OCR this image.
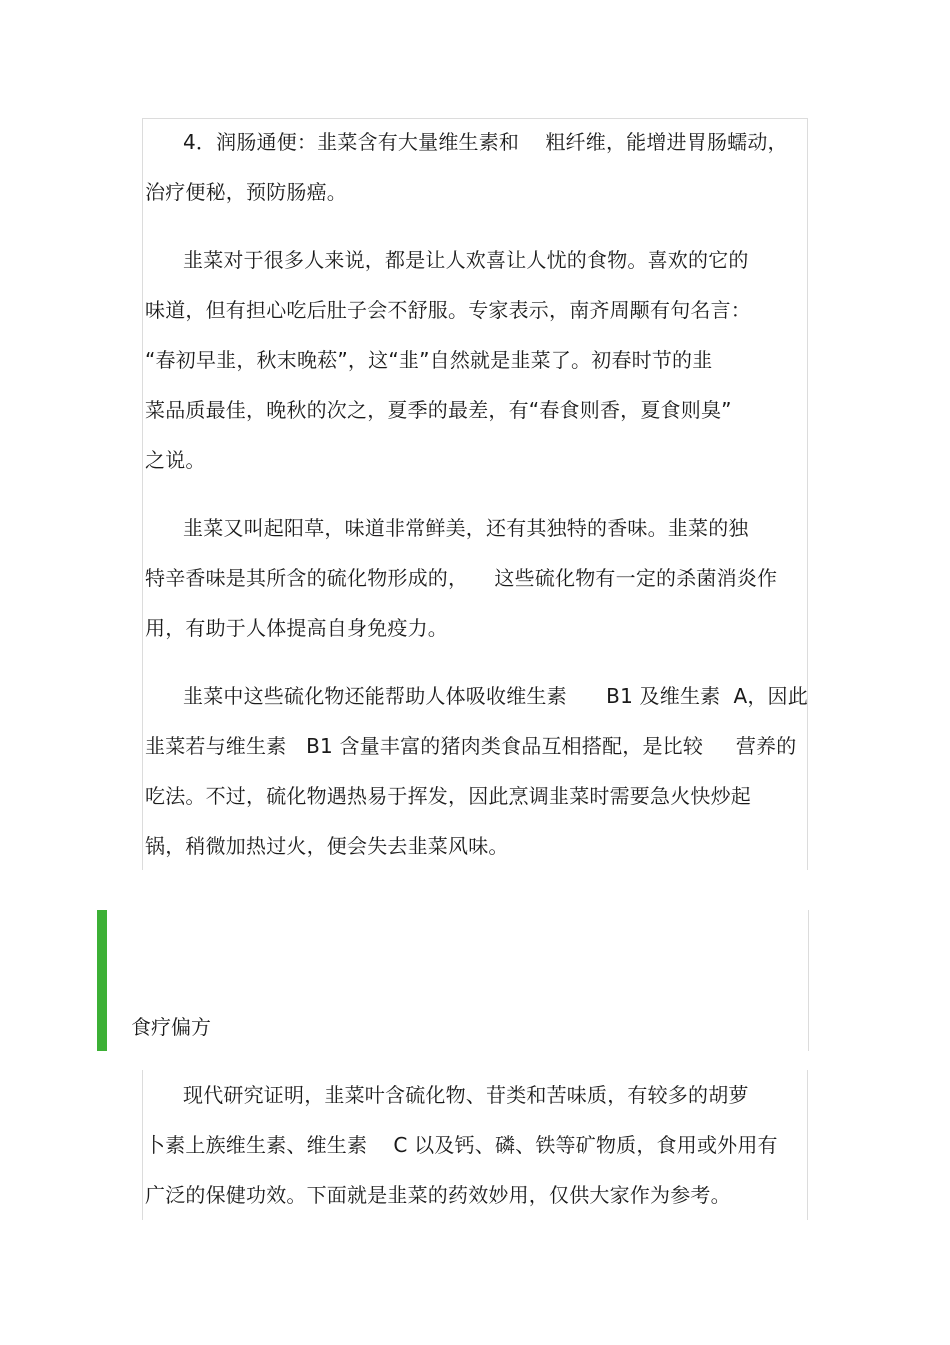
4．润肠通便：韭菜含有大量维生素和    粗纤维，能增进胃肠蠕动，
治疗便秘，预防肠癌。
韭菜对于很多人来说，都是让人欢喜让人忧的食物。喜欢的它的
味道，但有担心吃后肚子会不舒服。专家表示，南齐周颙有句名言：
“春初早韭，秋末晚菘”，这“韭”自然就是韭菜了。初春时节的韭
菜品质最佳，晚秋的次之，夏季的最差，有“春食则香，夏食则臭”
之说。
韭菜又叫起阳草，味道非常鲜美，还有其独特的香味。韭菜的独
特辛香味是其所含的硫化物形成的，    这些硫化物有一定的杀菌消炎作
用，有助于人体提高自身免疫力。
韭菜中这些硫化物还能帮助人体吸收维生素      B1 及维生素  A，因此
韭菜若与维生素   B1 含量丰富的猪肉类食品互相搭配，是比较     营养的
吃法。不过，硫化物遇热易于挥发，因此烹调韭菜时需要急火快炒起
锅，稍微加热过火，便会失去韭菜风味。
食疗偏方
现代研究证明，韭菜叶含硫化物、苷类和苦味质，有较多的胡萝
卜素上族维生素、维生素    C 以及钙、磷、铁等矿物质，食用或外用有
广泛的保健功效。下面就是韭菜的药效妙用，仅供大家作为参考。
